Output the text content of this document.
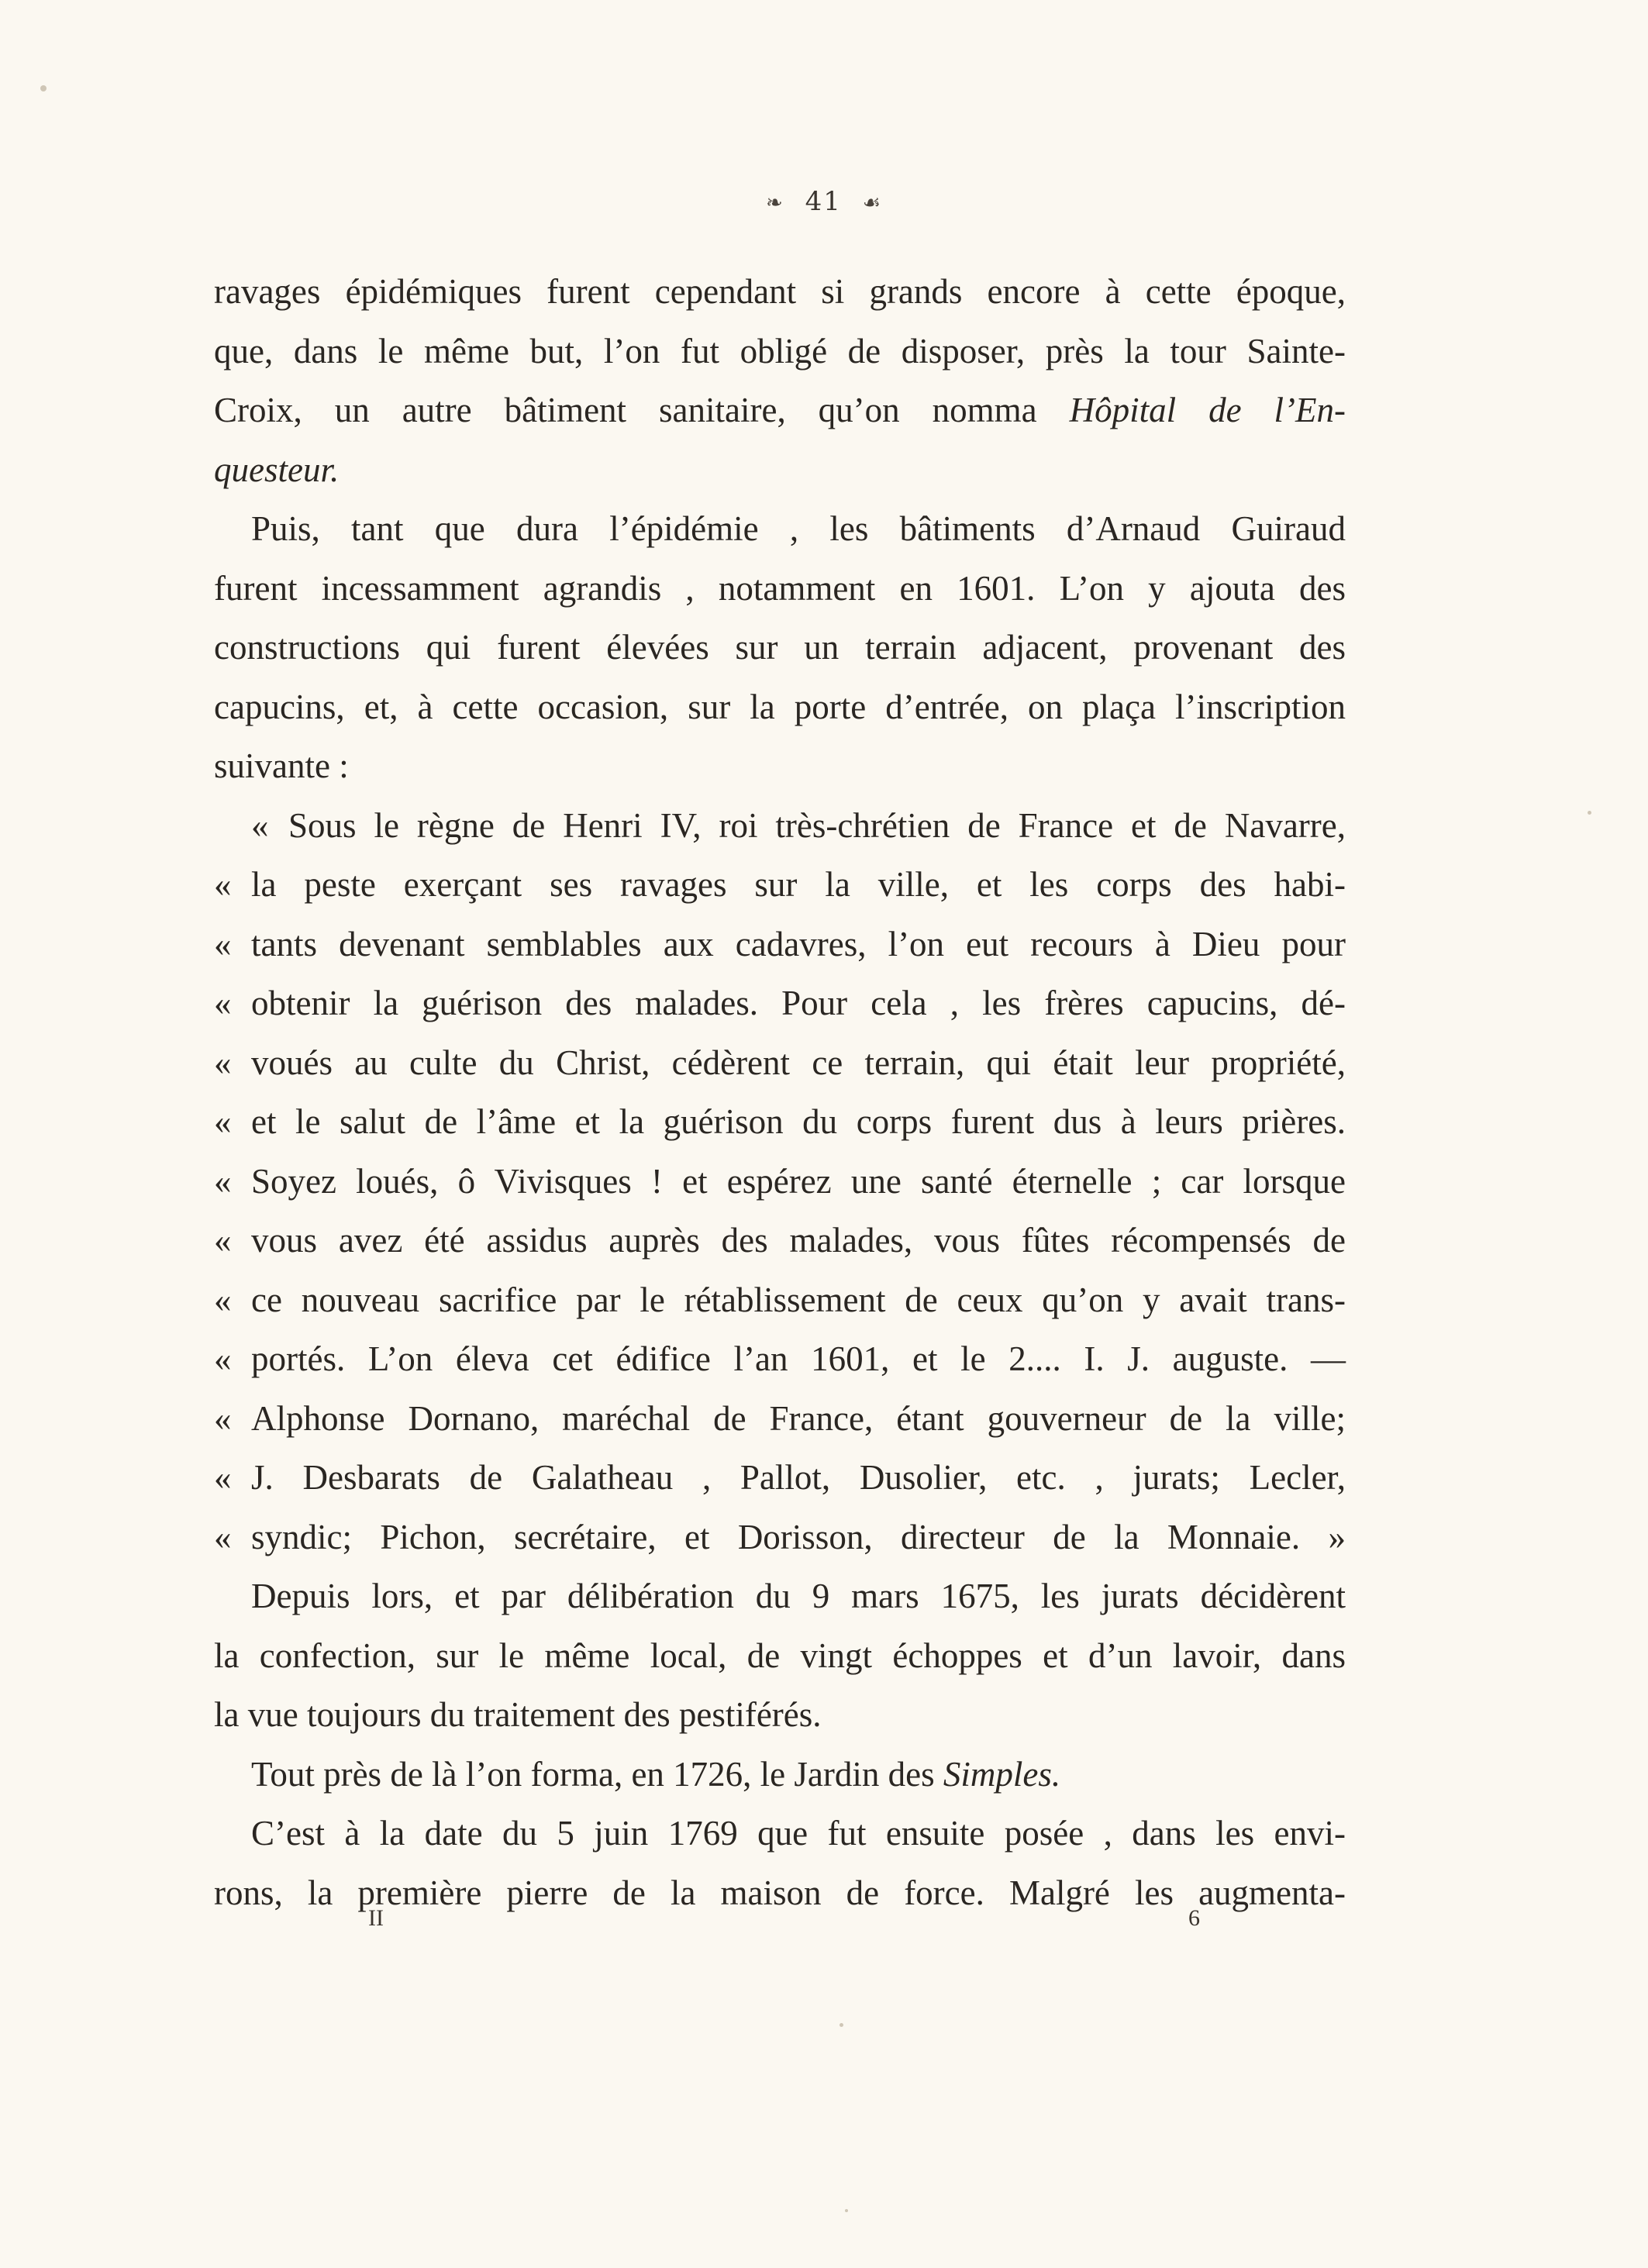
❧ 41 ☙
ravages épidémiques furent cependant si grands encore à cette époque,
que, dans le même but, l’on fut obligé de disposer, près la tour Sainte-
Croix, un autre bâtiment sanitaire, qu’on nomma Hôpital de l’En-
questeur.
Puis, tant que dura l’épidémie , les bâtiments d’Arnaud Guiraud
furent incessamment agrandis , notamment en 1601. L’on y ajouta des
constructions qui furent élevées sur un terrain adjacent, provenant des
capucins, et, à cette occasion, sur la porte d’entrée, on plaça l’inscription
suivante :
« Sous le règne de Henri IV, roi très-chrétien de France et de Navarre,
« la peste exerçant ses ravages sur la ville, et les corps des habi-
« tants devenant semblables aux cadavres, l’on eut recours à Dieu pour
« obtenir la guérison des malades. Pour cela , les frères capucins, dé-
« voués au culte du Christ, cédèrent ce terrain, qui était leur propriété,
« et le salut de l’âme et la guérison du corps furent dus à leurs prières.
« Soyez loués, ô Vivisques ! et espérez une santé éternelle ; car lorsque
« vous avez été assidus auprès des malades, vous fûtes récompensés de
« ce nouveau sacrifice par le rétablissement de ceux qu’on y avait trans-
« portés. L’on éleva cet édifice l’an 1601, et le 2.... I. J. auguste. —
« Alphonse Dornano, maréchal de France, étant gouverneur de la ville;
« J. Desbarats de Galatheau , Pallot, Dusolier, etc. , jurats; Lecler,
« syndic; Pichon, secrétaire, et Dorisson, directeur de la Monnaie. »
Depuis lors, et par délibération du 9 mars 1675, les jurats décidèrent
la confection, sur le même local, de vingt échoppes et d’un lavoir, dans
la vue toujours du traitement des pestiférés.
Tout près de là l’on forma, en 1726, le Jardin des Simples.
C’est à la date du 5 juin 1769 que fut ensuite posée , dans les envi-
rons, la première pierre de la maison de force. Malgré les augmenta-
II	6
